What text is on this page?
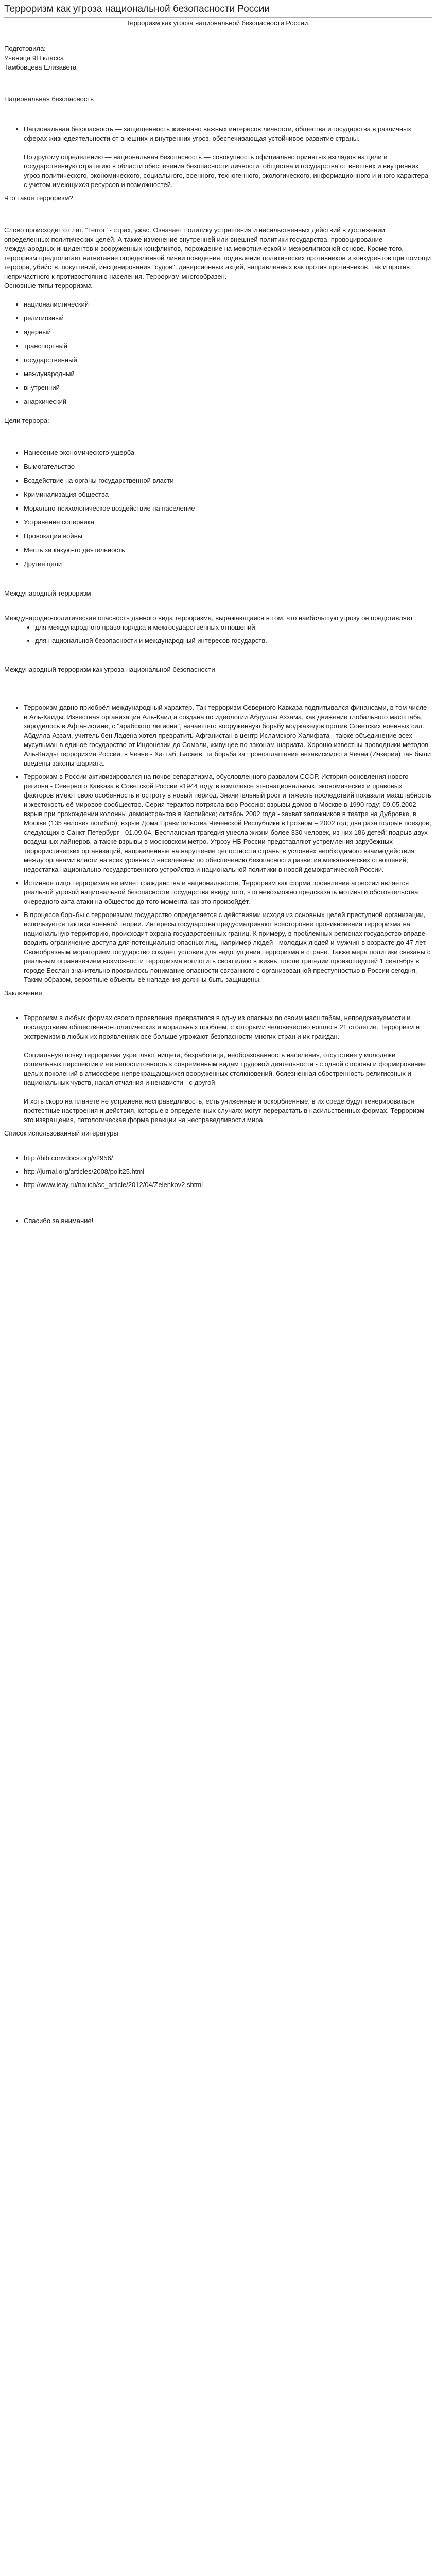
Терроризм как угроза национальной безопасности России

Терроризм как угроза национальной безопасности России.

Подготовила:

Ученица 9П класса

Тамбовцева Елизавета

Национальная безопасность

• Национальная безопасность — защищенность жизненно важных интересов личности, общества и государства в различных сферах жизнедеятельности от внешних и внутренних угроз, обеспечивающая устойчивое развитие страны.

По другому определению — национальная безопасность — совокупность официально принятых взглядов на цели и государственную стратегию в области обеспечения безопасности личности, общества и государства от внешних и внутренних угроз политического, экономического, социального, военного, техногенного, экологического, информационного и иного характера с учетом имеющихся ресурсов и возможностей.

Что такое терроризм?

Слово происходит от лат. "Terror" - страх, ужас. Означает политику устрашения и насильственных действий в достижении определенных политических целей. А также изменение внутренней или внешней политики государства, провоцирование международных инцидентов и вооруженных конфликтов, порождение на межэтнической и межрелигиозной основе. Кроме того, терроризм предполагает нагнетание определенной линии поведения, подавление политических противников и конкурентов при помощи террора, убийств, покушений, инсценирования "судов", диверсионных акций, направленных как против противников, так и против непричастного к противостоянию населения. Терроризм многообразен.

Основные типы терроризма

• националистический
• религиозный
• ядерный
• транспортный
• государственный
• международный
• внутренний
• анархический

Цели террора:

• Нанесение экономического ущерба
• Вымогательство
• Воздействие на органы государственной власти
• Криминализация общества
• Морально-психологическое воздействие на население
• Устранение соперника
• Провокация войны
• Месть за какую-то деятельность
• Другие цели

Международный терроризм

Международно-политическая опасность данного вида терроризма, выражающаяся в том, что наибольшую угрозу он представляет:

• для международного правопорядка и межгосударственных отношений;
• для национальной безопасности и международный интересов государств.

Международный терроризм как угроза национальной безопасности

• Терроризм давно приобрёл международный характер. Так терроризм Северного Кавказа подпитывался финансами, в том числе и Аль-Каиды. Известная организация Аль-Каид а создана по идеологии Абдуллы Аззама, как движение глобального масштаба, зародилось в Афганистане, с "арабского легиона", начавшего вооруженную борьбу моджахедов против Советских военных сил. Абдулла Аззам, учитель бен Ладена хотел превратить Афганистан в центр Исламского Халифата - также объединение всех мусульман в единое государство от Индонезии до Сомали, живущее по законам шариата. Хорошо известны проводники методов Аль-Каиды терроризма России, в Чечне - Хаттаб, Басаев, та борьба за провозглашение независимости Чечни (Ичкерии) тан были введены законы шариата.

• Терроризм в России активизировался на почве сепаратизма, обусловленного развалом СССР. История ооновления нового региона - Северного Кавказа в Советской России в1944 году, в комплексе этнонациональных, экономических и правовых факторов имеют свою особенность и остроту в новый период. Значительный рост и тяжесть последствий показали масштабность и жестокость её мировое сообщество. Серия терактов потрясла всю Россию: взрывы домов в Москве в 1990 году; 09.05.2002 - взрыв при прохождении колонны демонстрантов в Каспийске; октябрь 2002 года - захват заложников в театре на Дубровке, в Москве (135 человек погибло); взрыв Дома Правительства Чеченской Республики в Грозном – 2002 год; два раза подрыв поездов, следующих в Санкт-Петербург - 01.09.04, Беспланская трагедия унесла жизни более 330 человек, из них 186 детей; подрыв двух воздушных лайнеров, а также взрывы в московском метро. Угрозу НБ России представляют устремления зарубежных террористических организаций, направленные на нарушение целостности страны в условиях необходимого взаимодействия между органами власти на всех уровнях и населением по обеспечению безопасности развития межэтнических отношений; недостатка национально-государственного устройства и национальной политики в новой демократической России.

• Истинное лицо терроризма не имеет гражданства и национальности. Терроризм как форма проявления агрессии является реальной угрозой национальной безопасности государства ввиду того, что невозможно предсказать мотивы и обстоятельства очередного акта атаки на общество до того момента как это произойдёт.

• В процессе борьбы с терроризмом государство определяется с действиями исходя из основных целей преступной организации, используется тактика военной теории. Интересы государства предусматривают всесторонне проникновения терроризма на национальную территорию, происходит охрана государственных границ. К примеру, в проблемных регионах государство вправе вводить ограничение доступа для потенциально опасных лиц, например людей - молодых людей и мужчин в возрасте до 47 лет. Своеобразным мораторием государство создаёт условия для недопущения терроризма в стране. Также мера политики связаны с реальным ограничением возможности терроризма воплотить свою идею в жизнь, после трагедии произошедшей 1 сентября в городе Беслан значительно проявилось понимание опасности связанного с организованной преступностью в России сегодня. Таким образом, вероятные объекты её нападения должны быть защищены.

Заключение

• Терроризм в любых формах своего проявления превратился в одну из опасных по своим масштабам, непредсказуемости и последствиям общественно-политических и моральных проблем, с которыми человечество вошло в 21 столетие. Терроризм и экстремизм в любых их проявлениях все больше угрожают безопасности многих стран и их граждан.

Социальную почву терроризма укрепляют нищета, безработица, необразованность населения, отсутствие у молодежи социальных перспектив и её непоститочность к современным видам трудовой деятельности - с одной стороны и формирование целых поколений в атмосфере непрекращающихся вооруженных столкновений, болезненная обостренность религиозных и национальных чувств, накал отчаяния и ненависти - с другой.

И хоть скоро на планете не устранена несправедливость, есть униженные и оскорбленные, в их среде будут генерироваться протестные настроения и действия, которые в определенных случаях могут перерастать в насильственных формах. Терроризм - это извращения, патологическая форма реакции на несправедливости мира.

Список использованный литературы

• http://bib.convdocs.org/v2956/
• http://jurnal.org/articles/2008/polit25.html
• http://www.ieay.ru/nauch/sc_article/2012/04/Zelenkov2.shtml
• Спасибо за внимание!
